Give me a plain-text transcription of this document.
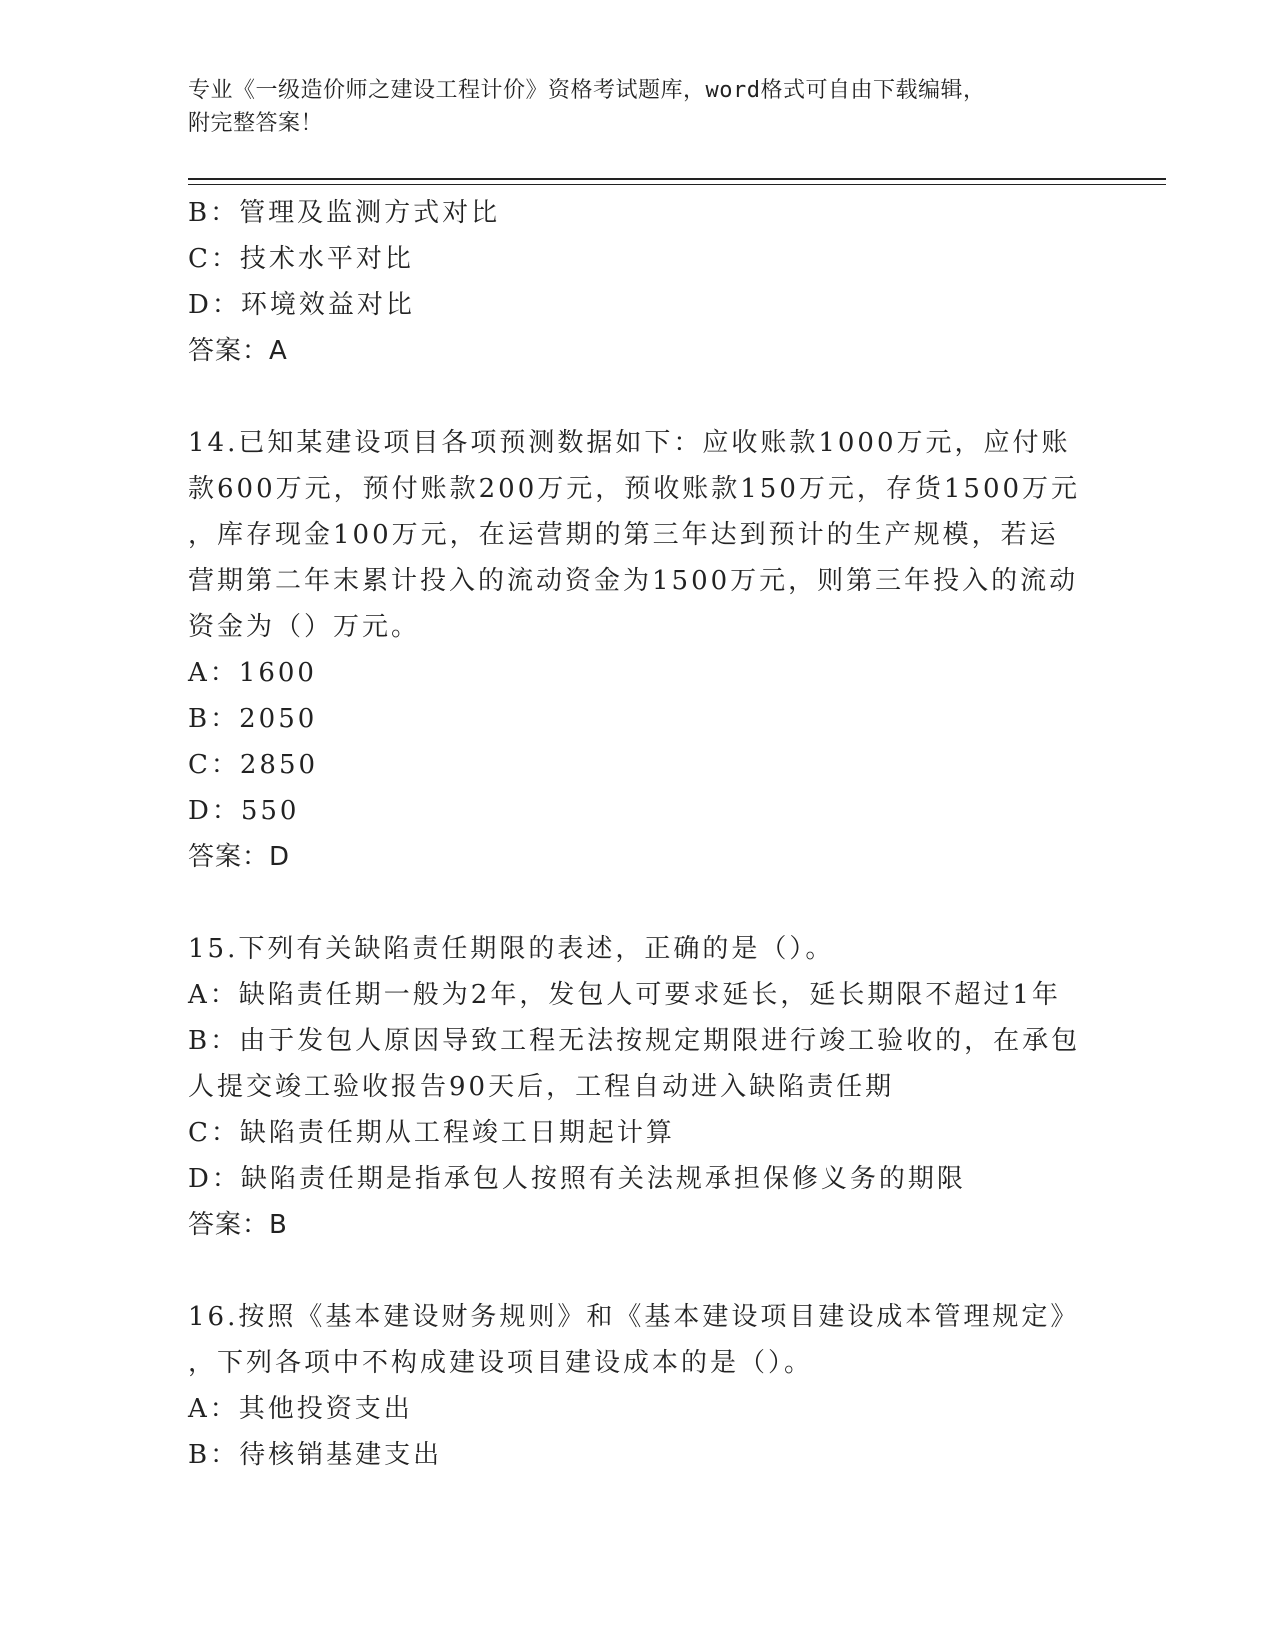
专业《一级造价师之建设工程计价》资格考试题库，word格式可自由下载编辑，
附完整答案！
B：管理及监测方式对比
C：技术水平对比
D：环境效益对比
答案：A
14.已知某建设项目各项预测数据如下：应收账款1000万元，应付账
款600万元，预付账款200万元，预收账款150万元，存货1500万元
，库存现金100万元，在运营期的第三年达到预计的生产规模，若运
营期第二年末累计投入的流动资金为1500万元，则第三年投入的流动
资金为（）万元。
A：1600
B：2050
C：2850
D：550
答案：D
15.下列有关缺陷责任期限的表述，正确的是（）。
A：缺陷责任期一般为2年，发包人可要求延长，延长期限不超过1年
B：由于发包人原因导致工程无法按规定期限进行竣工验收的，在承包
人提交竣工验收报告90天后，工程自动进入缺陷责任期
C：缺陷责任期从工程竣工日期起计算
D：缺陷责任期是指承包人按照有关法规承担保修义务的期限
答案：B
16.按照《基本建设财务规则》和《基本建设项目建设成本管理规定》
，下列各项中不构成建设项目建设成本的是（）。
A：其他投资支出
B：待核销基建支出
